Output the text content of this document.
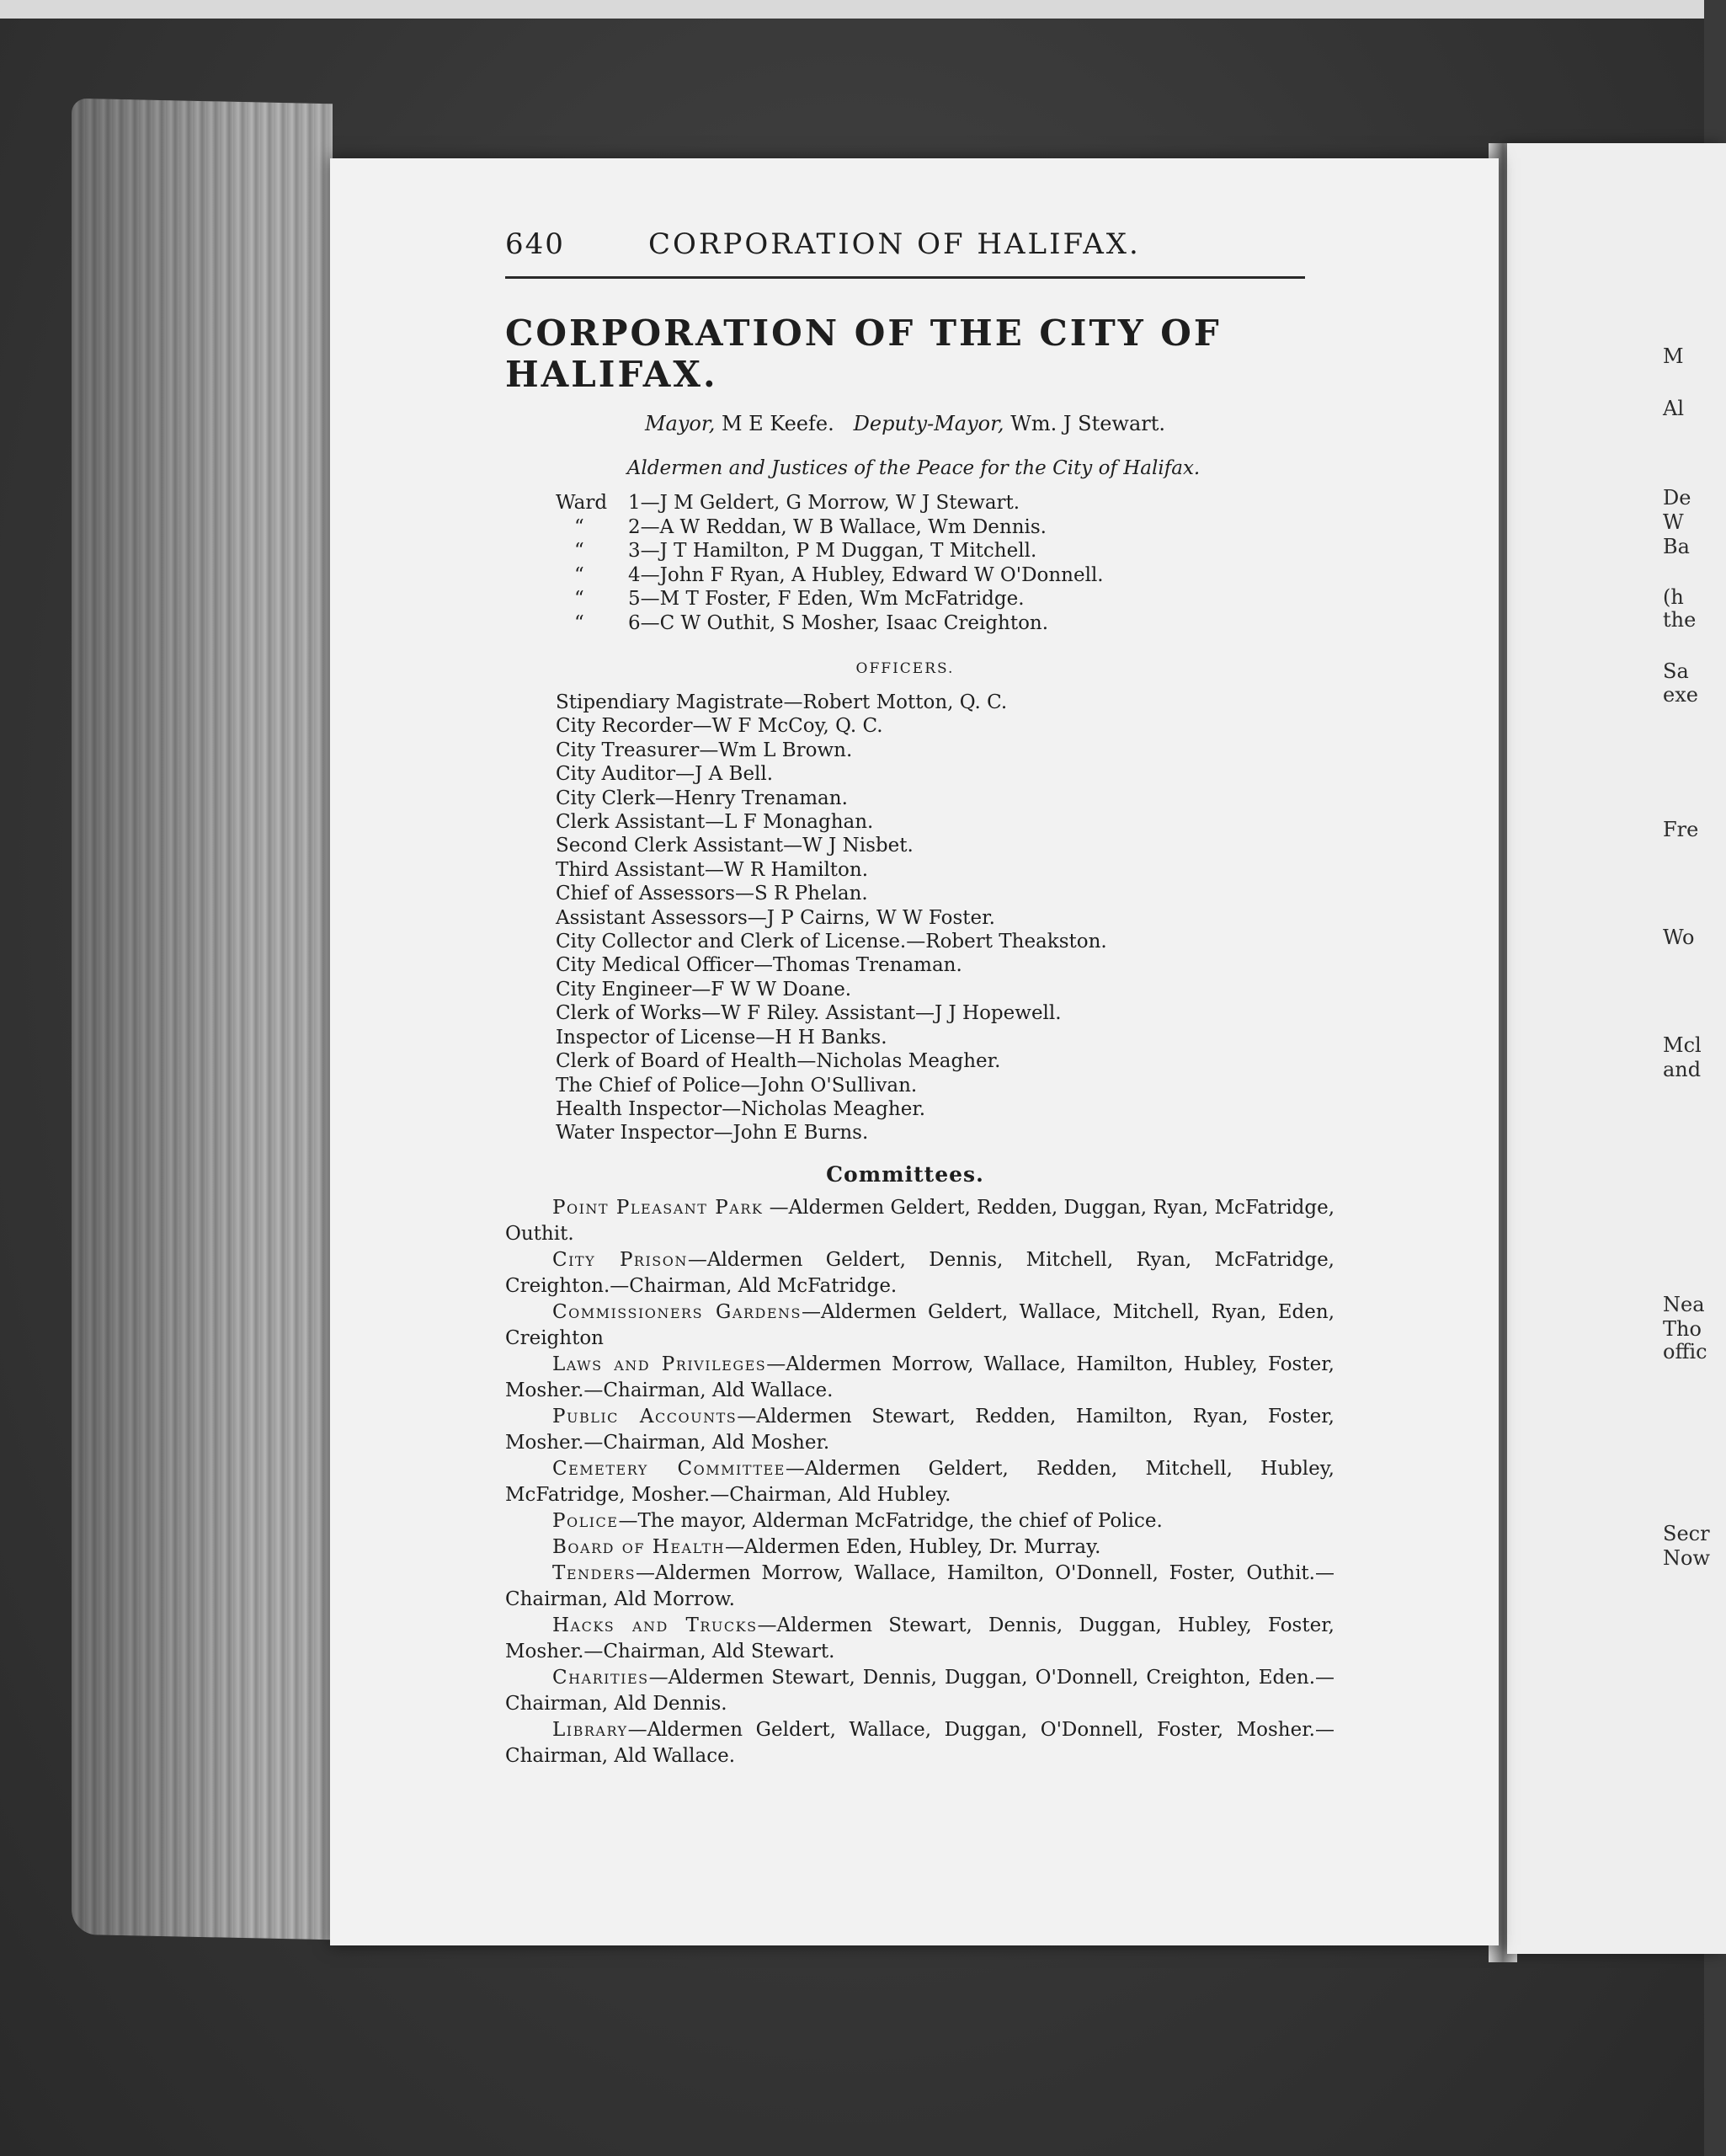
M
Al
De
W
Ba
(h
the
Sa
exe
Fre
Wo
Mcl
and
Nea
Tho
offic
Secr
Now
640	CORPORATION OF HALIFAX.
CORPORATION OF THE CITY OF HALIFAX.
Mayor, M E Keefe. Deputy-Mayor, Wm. J Stewart.
Aldermen and Justices of the Peace for the City of Halifax.
Ward	1—J M Geldert, G Morrow, W J Stewart.
“	2—A W Reddan, W B Wallace, Wm Dennis.
“	3—J T Hamilton, P M Duggan, T Mitchell.
“	4—John F Ryan, A Hubley, Edward W O'Donnell.
“	5—M T Foster, F Eden, Wm McFatridge.
“	6—C W Outhit, S Mosher, Isaac Creighton.
OFFICERS.
Stipendiary Magistrate—Robert Motton, Q. C.
City Recorder—W F McCoy, Q. C.
City Treasurer—Wm L Brown.
City Auditor—J A Bell.
City Clerk—Henry Trenaman.
Clerk Assistant—L F Monaghan.
Second Clerk Assistant—W J Nisbet.
Third Assistant—W R Hamilton.
Chief of Assessors—S R Phelan.
Assistant Assessors—J P Cairns, W W Foster.
City Collector and Clerk of License.—Robert Theakston.
City Medical Officer—Thomas Trenaman.
City Engineer—F W W Doane.
Clerk of Works—W F Riley. Assistant—J J Hopewell.
Inspector of License—H H Banks.
Clerk of Board of Health—Nicholas Meagher.
The Chief of Police—John O'Sullivan.
Health Inspector—Nicholas Meagher.
Water Inspector—John E Burns.
Committees.
Point Pleasant Park —Aldermen Geldert, Redden, Duggan, Ryan, McFatridge, Outhit.
City Prison—Aldermen Geldert, Dennis, Mitchell, Ryan, McFatridge, Creighton.—Chairman, Ald McFatridge.
Commissioners Gardens—Aldermen Geldert, Wallace, Mitchell, Ryan, Eden, Creighton
Laws and Privileges—Aldermen Morrow, Wallace, Hamilton, Hubley, Foster, Mosher.—Chairman, Ald Wallace.
Public Accounts—Aldermen Stewart, Redden, Hamilton, Ryan, Foster, Mosher.—Chairman, Ald Mosher.
Cemetery Committee—Aldermen Geldert, Redden, Mitchell, Hubley, McFatridge, Mosher.—Chairman, Ald Hubley.
Police—The mayor, Alderman McFatridge, the chief of Police.
Board of Health—Aldermen Eden, Hubley, Dr. Murray.
Tenders—Aldermen Morrow, Wallace, Hamilton, O'Donnell, Foster, Outhit.—Chairman, Ald Morrow.
Hacks and Trucks—Aldermen Stewart, Dennis, Duggan, Hubley, Foster, Mosher.—Chairman, Ald Stewart.
Charities—Aldermen Stewart, Dennis, Duggan, O'Donnell, Creighton, Eden.—Chairman, Ald Dennis.
Library—Aldermen Geldert, Wallace, Duggan, O'Donnell, Foster, Mosher.—Chairman, Ald Wallace.
